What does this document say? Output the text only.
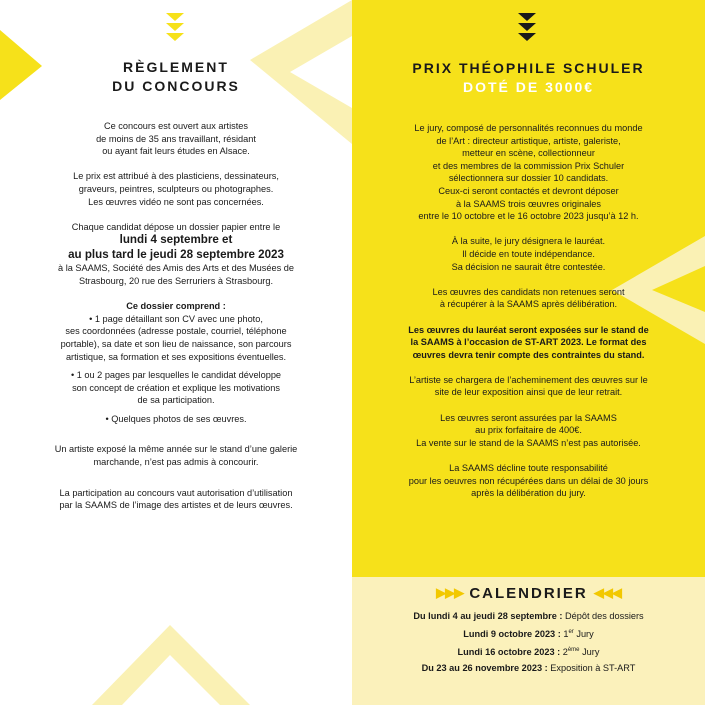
RÈGLEMENT
DU CONCOURS

Ce concours est ouvert aux artistes
de moins de 35 ans travaillant, résidant
ou ayant fait leurs études en Alsace.

Le prix est attribué à des plasticiens, dessinateurs,
graveurs, peintres, sculpteurs ou photographes.
Les œuvres vidéo ne sont pas concernées.

Chaque candidat dépose un dossier papier entre le
lundi 4 septembre et
au plus tard le jeudi 28 septembre 2023
à la SAAMS, Société des Amis des Arts et des Musées de
Strasbourg, 20 rue des Serruriers à Strasbourg.

Ce dossier comprend :

• 1 page détaillant son CV avec une photo,
ses coordonnées (adresse postale, courriel, téléphone
portable), sa date et son lieu de naissance, son parcours
artistique, sa formation et ses expositions éventuelles.

• 1 ou 2 pages par lesquelles le candidat développe
son concept de création et explique les motivations
de sa participation.

• Quelques photos de ses œuvres.

Un artiste exposé la même année sur le stand d’une galerie
marchande, n’est pas admis à concourir.

La participation au concours vaut autorisation d’utilisation
par la SAAMS de l’image des artistes et de leurs œuvres.

PRIX THÉOPHILE SCHULER
DOTÉ DE 3000€

Le jury, composé de personnalités reconnues du monde
de l’Art : directeur artistique, artiste, galeriste,
metteur en scène, collectionneur
et des membres de la commission Prix Schuler
sélectionnera sur dossier 10 candidats.
Ceux-ci seront contactés et devront déposer
à la SAAMS trois œuvres originales
entre le 10 octobre et le 16 octobre 2023 jusqu’à 12 h.

À la suite, le jury désignera le lauréat.
Il décide en toute indépendance.
Sa décision ne saurait être contestée.

Les œuvres des candidats non retenues seront
à récupérer à la SAAMS après délibération.

Les œuvres du lauréat seront exposées sur le stand de
la SAAMS à l’occasion de ST-ART 2023. Le format des
œuvres devra tenir compte des contraintes du stand.

L’artiste se chargera de l’acheminement des œuvres sur le
site de leur exposition ainsi que de leur retrait.

Les œuvres seront assurées par la SAAMS
au prix forfaitaire de 400€.
La vente sur le stand de la SAAMS n’est pas autorisée.

La SAAMS décline toute responsabilité
pour les oeuvres non récupérées dans un délai de 30 jours
après la délibération du jury.

▶▶▶ CALENDRIER ◀◀◀
Du lundi 4 au jeudi 28 septembre : Dépôt des dossiers
Lundi 9 octobre 2023 : 1er Jury
Lundi 16 octobre 2023 : 2ème Jury
Du 23 au 26 novembre 2023 : Exposition à ST-ART
